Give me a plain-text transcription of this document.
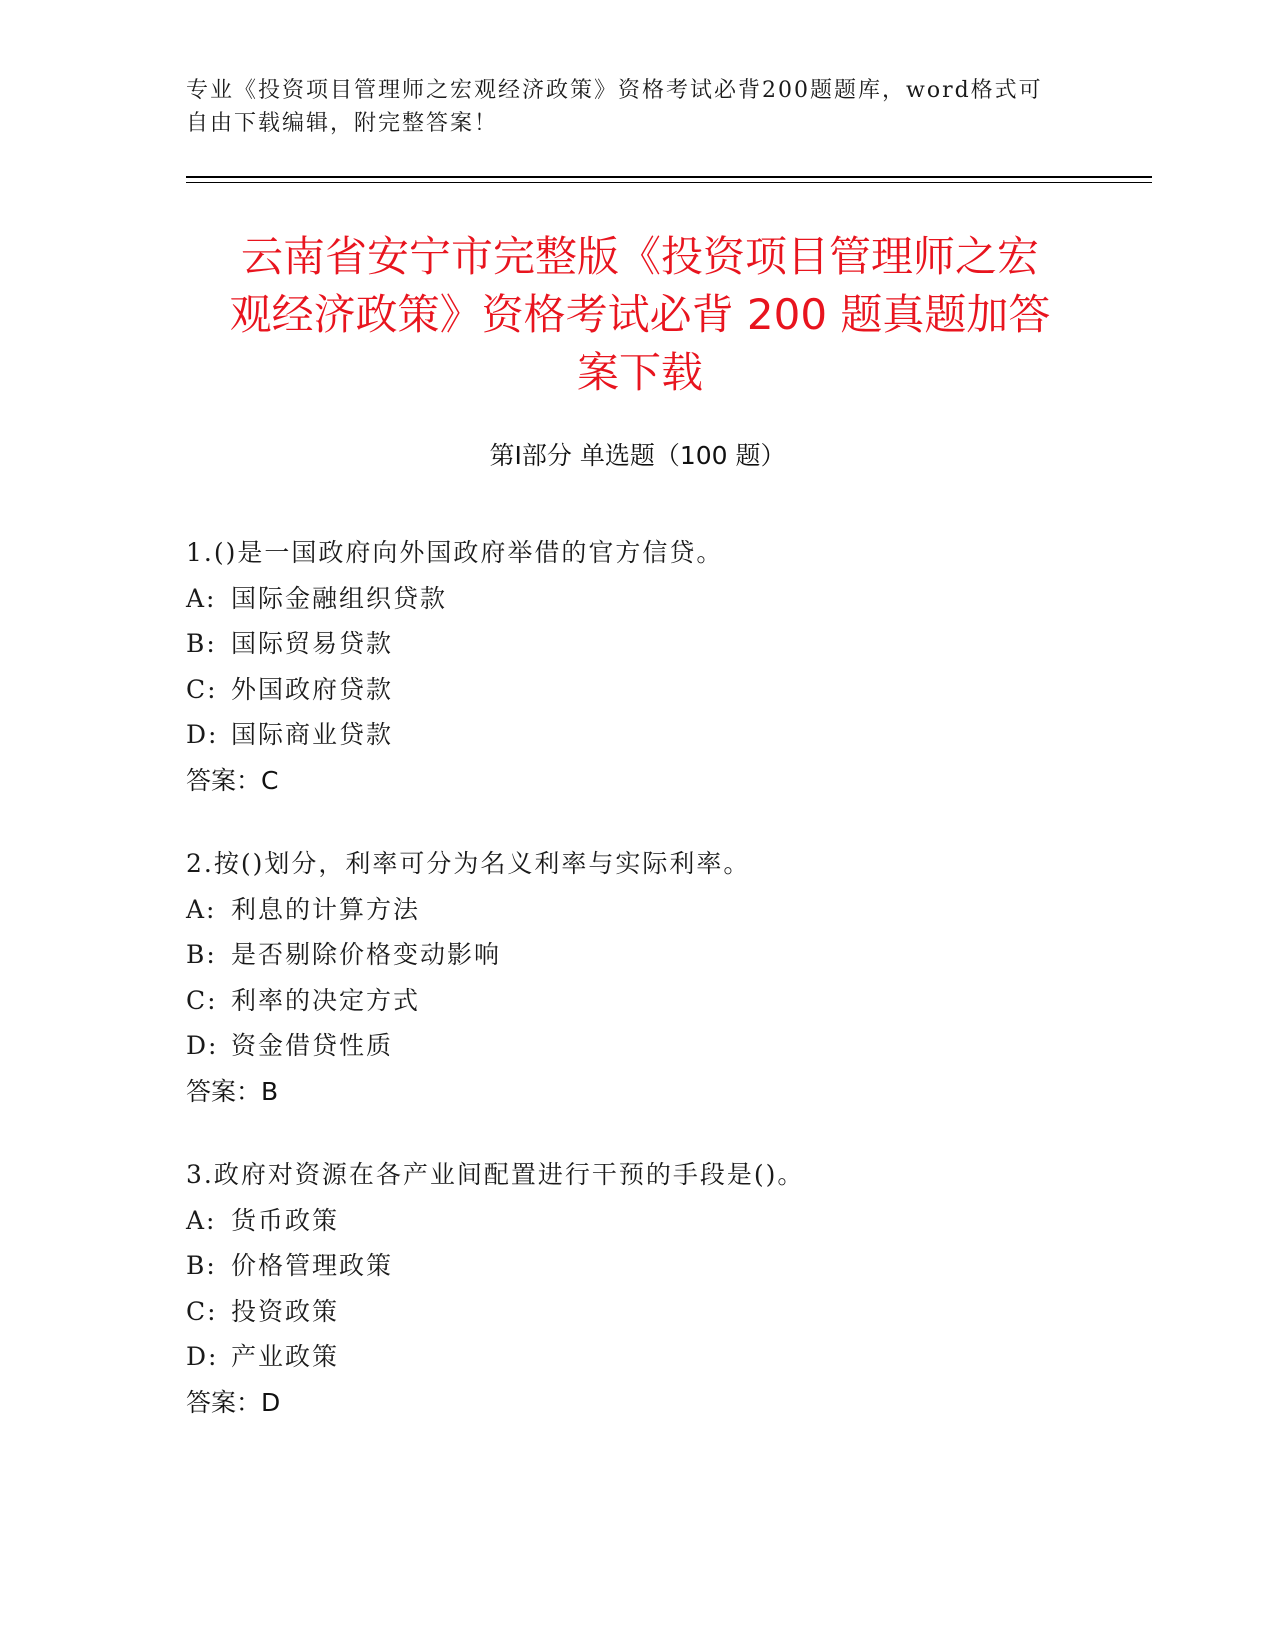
专业《投资项目管理师之宏观经济政策》资格考试必背200题题库，word格式可
自由下载编辑，附完整答案！
云南省安宁市完整版《投资项目管理师之宏
观经济政策》资格考试必背 200 题真题加答
案下载
第Ⅰ部分 单选题（100 题）
1.()是一国政府向外国政府举借的官方信贷。
A: 国际金融组织贷款
B: 国际贸易贷款
C: 外国政府贷款
D: 国际商业贷款
答案：C
2.按()划分，利率可分为名义利率与实际利率。
A: 利息的计算方法
B: 是否剔除价格变动影响
C: 利率的决定方式
D: 资金借贷性质
答案：B
3.政府对资源在各产业间配置进行干预的手段是()。
A: 货币政策
B: 价格管理政策
C: 投资政策
D: 产业政策
答案：D
